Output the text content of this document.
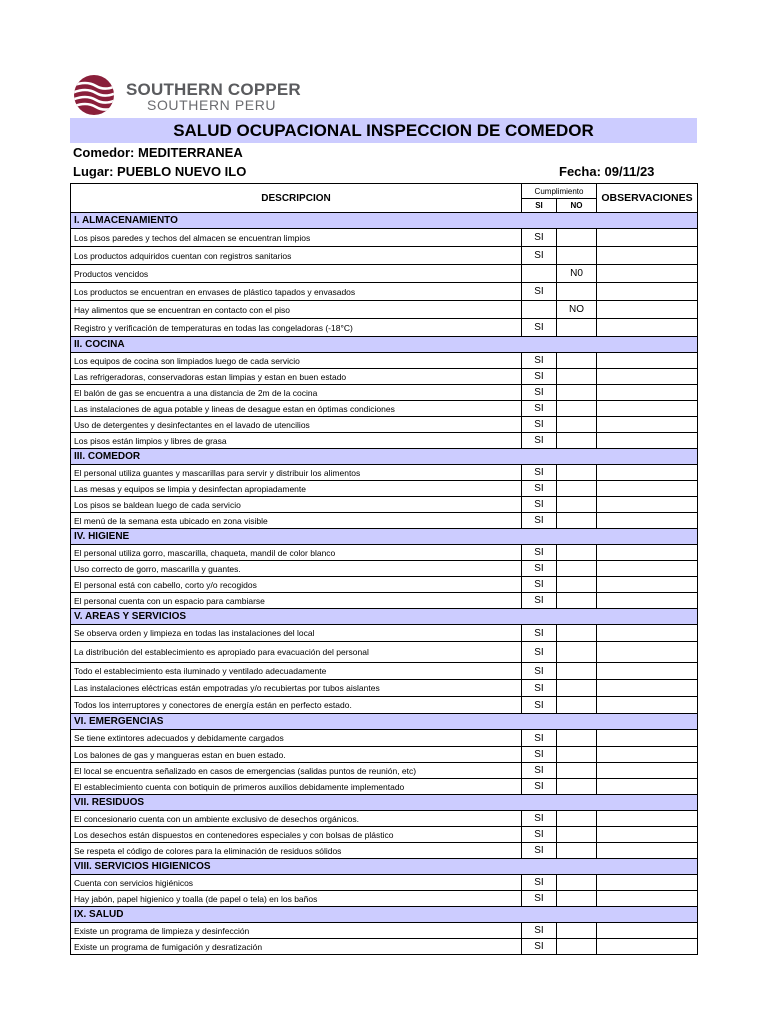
SOUTHERN COPPER
SOUTHERN PERU
SALUD OCUPACIONAL INSPECCION DE COMEDOR
Comedor: MEDITERRANEA
Lugar: PUEBLO NUEVO ILO	Fecha: 09/11/23
DESCRIPCION	Cumplimiento		OBSERVACIONES
	SI	NO	
I. ALMACENAMIENTO			
Los pisos paredes y techos del almacen se encuentran limpios	SI		
Los productos adquiridos cuentan con registros sanitarios	SI		
Productos vencidos		N0	
Los productos se encuentran en envases de plástico tapados y envasados	SI		
Hay alimentos que se encuentran en contacto con el piso		NO	
Registro y verificación de temperaturas en todas las congeladoras (-18°C)	SI		
II. COCINA			
Los equipos de cocina son limpiados luego de cada servicio	SI		
Las refrigeradoras, conservadoras estan limpias y estan en buen estado	SI		
El balón de gas se encuentra a una distancia de 2m de la cocina	SI		
Las instalaciones de agua potable y lineas de desague estan en óptimas condiciones	SI		
Uso de detergentes y desinfectantes en el lavado de utencilios	SI		
Los pisos están limpios y libres de grasa	SI		
III. COMEDOR			
El personal utiliza guantes y mascarillas para servir y distribuir los alimentos	SI		
Las mesas y equipos se limpia y desinfectan apropiadamente	SI		
Los pisos se baldean luego de cada servicio	SI		
El menú de la semana esta ubicado en zona visible	SI		
IV. HIGIENE			
El personal utiliza gorro, mascarilla, chaqueta, mandil de color blanco	SI		
Uso correcto de gorro, mascarilla y guantes.	SI		
El personal está con cabello, corto y/o recogidos	SI		
El personal cuenta con un espacio para cambiarse	SI		
V. AREAS Y SERVICIOS			
Se observa orden y limpieza en todas las instalaciones del local	SI		
La distribución del establecimiento es apropiado para evacuación del personal	SI		
Todo el establecimiento esta iluminado y ventilado adecuadamente	SI		
Las instalaciones eléctricas están empotradas y/o recubiertas por tubos aislantes	SI		
Todos los interruptores y conectores de energía están en perfecto estado.	SI		
VI. EMERGENCIAS			
Se tiene extintores adecuados y debidamente cargados	SI		
Los balones de gas y mangueras estan en buen estado.	SI		
El local se encuentra señalizado en casos de emergencias (salidas puntos de reunión, etc)	SI		
El establecimiento cuenta con botiquin de primeros auxilios debidamente implementado	SI		
VII. RESIDUOS			
El concesionario cuenta con un ambiente exclusivo de desechos orgánicos.	SI		
Los desechos están dispuestos en contenedores especiales y con bolsas de plástico	SI		
Se respeta el código de colores para la eliminación de residuos sólidos	SI		
VIII. SERVICIOS HIGIENICOS			
Cuenta con servicios higiénicos	SI		
Hay jabón, papel higienico y toalla (de papel o tela) en los baños	SI		
IX. SALUD			
Existe un programa de limpieza y desinfección	SI		
Existe un programa de fumigación y desratización	SI		
